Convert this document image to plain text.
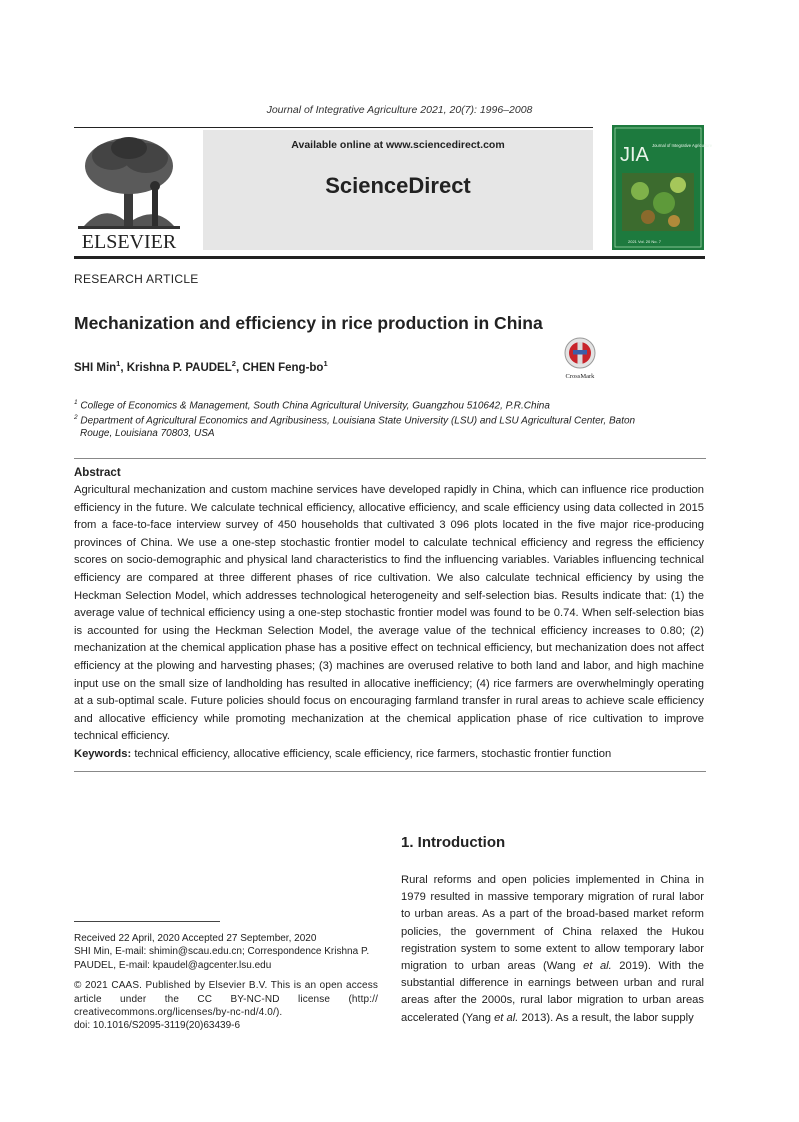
Journal of Integrative Agriculture 2021, 20(7): 1996–2008
ELSEVIER
Available online at www.sciencedirect.com
ScienceDirect
JIA Journal of Integrative Agriculture
2021 Vol. 20 No. 7
RESEARCH ARTICLE
Mechanization and efficiency in rice production in China
SHI Min$^1$, Krishna P. PAUDEL$^2$, CHEN Feng-$bo^1$
CrossMark
$^1$ College of Economics & Management, South China Agricultural University, Guangzhou 510642, P.R.China
$^2$ Department of Agricultural Economics and Agribusiness, Louisiana State University (LSU) and LSU Agricultural Center, Baton
Rouge, Louisiana 70803, USA
Abstract
Agricultural mechanization and custom machine services have developed rapidly in China, which can influence rice production efficiency in the future. We calculate technical efficiency, allocative efficiency, and scale efficiency using data collected in 2015 from a face-to-face interview survey of 450 households that cultivated 3 096 plots located in the five major rice-producing provinces of China. We use a one-step stochastic frontier model to calculate technical efficiency and regress the efficiency scores on socio-demographic and physical land characteristics to find the influencing variables. Variables influencing technical efficiency are compared at three different phases of rice cultivation. We also calculate technical efficiency by using the Heckman Selection Model, which addresses technological heterogeneity and self-selection bias. Results indicate that: (1) the average value of technical efficiency using a one-step stochastic frontier model was found to be 0.74. When self-selection bias is accounted for using the Heckman Selection Model, the average value of the technical efficiency increases to 0.80; (2) mechanization at the chemical application phase has a positive effect on technical efficiency, but mechanization does not affect efficiency at the plowing and harvesting phases; (3) machines are overused relative to both land and labor, and high machine input use on the small size of landholding has resulted in allocative inefficiency; (4) rice farmers are overwhelmingly operating at a sub-optimal scale. Future policies should focus on encouraging farmland transfer in rural areas to achieve scale efficiency and allocative efficiency while promoting mechanization at the chemical application phase of rice cultivation to improve technical efficiency.
Keywords: technical efficiency, allocative efficiency, scale efficiency, rice farmers, stochastic frontier function
1. Introduction
Rural reforms and open policies implemented in China in 1979 resulted in massive temporary migration of rural labor to urban areas. As a part of the broad-based market reform policies, the government of China relaxed the Hukou registration system to some extent to allow temporary labor migration to urban areas (Wang et al. 2019). With the substantial difference in earnings between urban and rural areas after the 2000s, rural labor migration to urban areas accelerated (Yang et al. 2013). As a result, the labor supply
Received 22 April, 2020 Accepted 27 September, 2020
SHI Min, E-mail: shimin@scau.edu.cn; Correspondence Krishna P. PAUDEL, E-mail: kpaudel@agcenter.lsu.edu
© 2021 CAAS. Published by Elsevier B.V. This is an open access article under the CC BY-NC-ND license (http:// creativecommons.org/licenses/by-nc-nd/4.0/).
doi: 10.1016/S2095-3119(20)63439-6
